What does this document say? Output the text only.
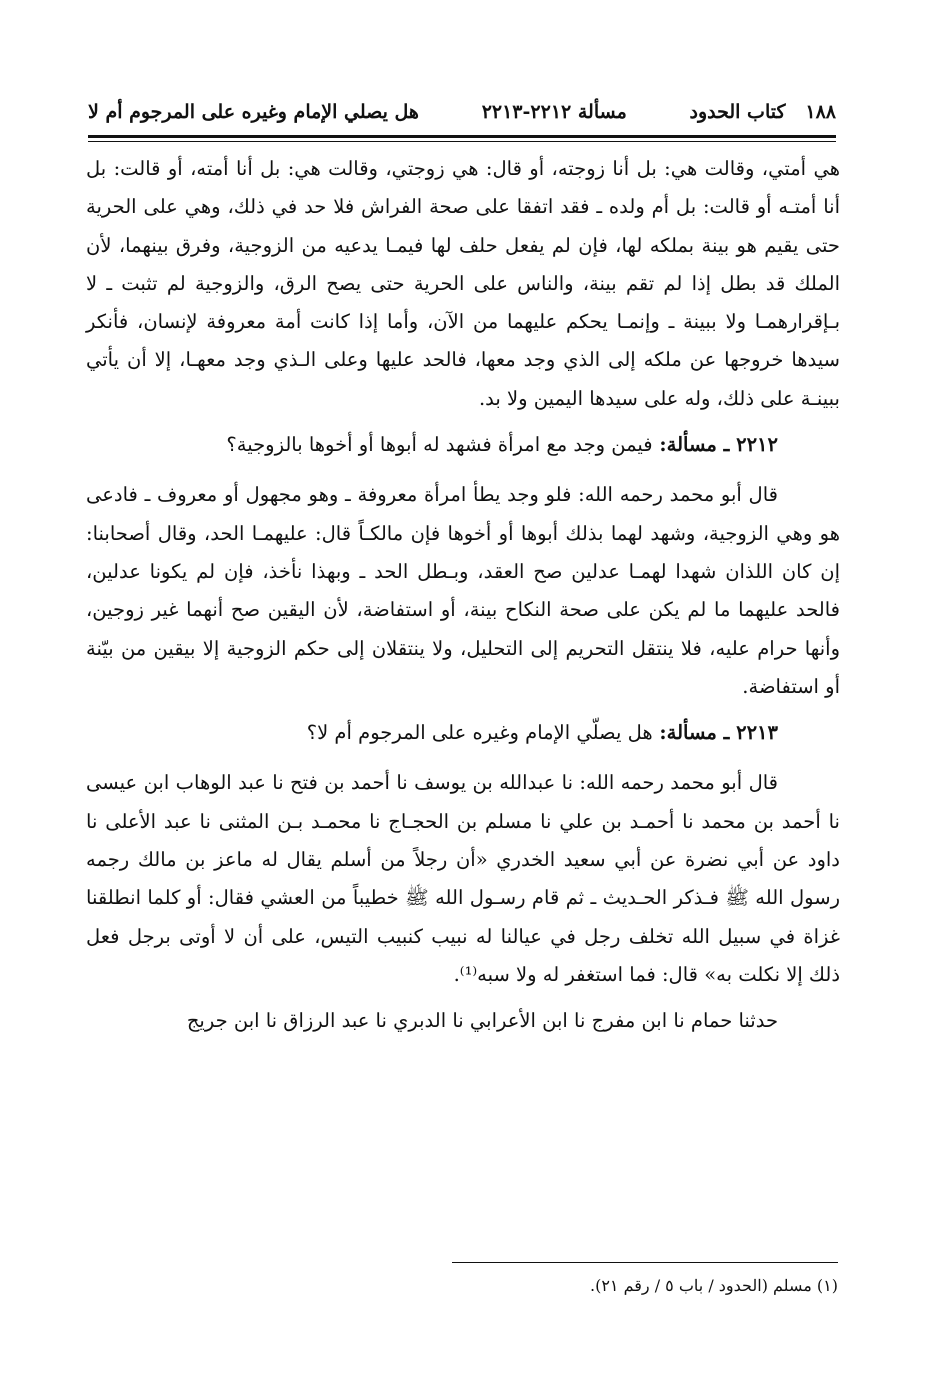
١٨٨   كتاب الحدود
مسألة ٢٢١٢-٢٢١٣
هل يصلي الإمام وغيره على المرجوم أم لا

هي أمتي، وقالت هي: بل أنا زوجته، أو قال: هي زوجتي، وقالت هي: بل أنا أمته، أو قالت: بل أنا أمتـه أو قالت: بل أم ولده ـ فقد اتفقا على صحة الفراش فلا حد في ذلك، وهي على الحرية حتى يقيم هو بينة بملكه لها، فإن لم يفعل حلف لها فيمـا يدعيه من الزوجية، وفرق بينهما، لأن الملك قد بطل إذا لم تقم بينة، والناس على الحرية حتى يصح الرق، والزوجية لم تثبت ـ لا بـإقرارهمـا ولا ببينة ـ وإنمـا يحكم عليهما من الآن، وأما إذا كانت أمة معروفة لإنسان، فأنكر سيدها خروجها عن ملكه إلى الذي وجد معها، فالحد عليها وعلى الـذي وجد معهـا، إلا أن يأتي ببينـة على ذلك، وله على سيدها اليمين ولا بد.

٢٢١٢ ـ مسألة: فيمن وجد مع امرأة فشهد له أبوها أو أخوها بالزوجية؟

قال أبو محمد رحمه الله: فلو وجد يطأ امرأة معروفة ـ وهو مجهول أو معروف ـ فادعى هو وهي الزوجية، وشهد لهما بذلك أبوها أو أخوها فإن مالكـاً قال: عليهمـا الحد، وقال أصحابنا: إن كان اللذان شهدا لهمـا عدلين صح العقد، وبـطل الحد ـ وبهذا نأخذ، فإن لم يكونا عدلين، فالحد عليهما ما لم يكن على صحة النكاح بينة، أو استفاضة، لأن اليقين صح أنهما غير زوجين، وأنها حرام عليه، فلا ينتقل التحريم إلى التحليل، ولا ينتقلان إلى حكم الزوجية إلا بيقين من بيّنة أو استفاضة.

٢٢١٣ ـ مسألة: هل يصلّي الإمام وغيره على المرجوم أم لا؟

قال أبو محمد رحمه الله: نا عبدالله بن يوسف نا أحمد بن فتح نا عبد الوهاب ابن عيسى نا أحمد بن محمد نا أحمـد بن علي نا مسلم بن الحجـاج نا محمـد بـن المثنى نا عبد الأعلى نا داود عن أبي نضرة عن أبي سعيد الخدري «أن رجلاً من أسلم يقال له ماعز بن مالك رجمه رسول الله ﷺ فـذكر الحـديث ـ ثم قام رسـول الله ﷺ خطيباً من العشي فقال: أو كلما انطلقنا غزاة في سبيل الله تخلف رجل في عيالنا له نبيب كنبيب التيس، على أن لا أوتى برجل فعل ذلك إلا نكلت به» قال: فما استغفر له ولا سبه⁽¹⁾.

حدثنا حمام نا ابن مفرج نا ابن الأعرابي نا الدبري نا عبد الرزاق نا ابن جريج

(١) مسلم (الحدود / باب ٥ / رقم ٢١).
